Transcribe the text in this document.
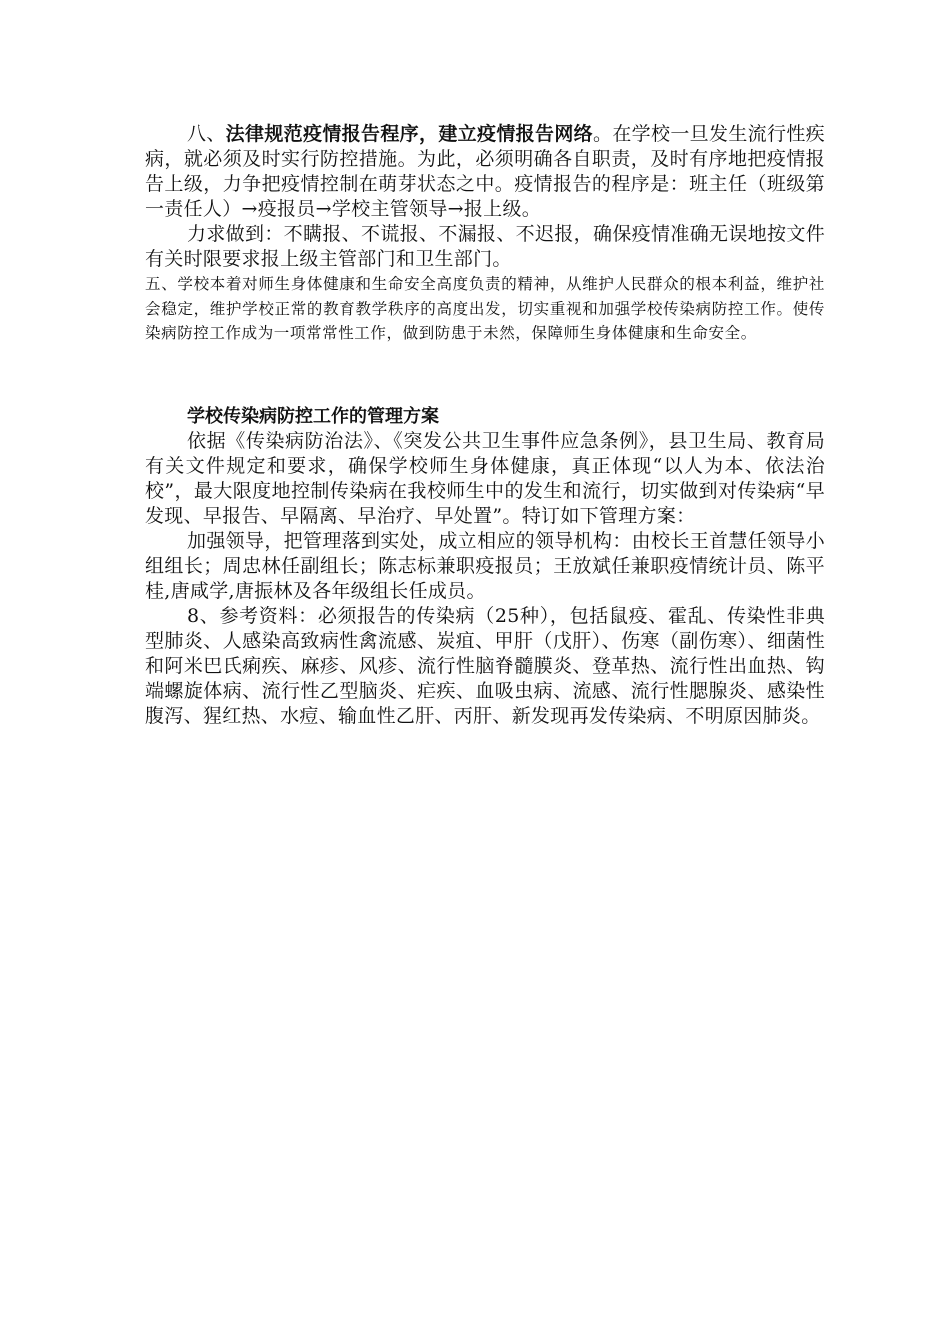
八、法律规范疫情报告程序，建立疫情报告网络。在学校一旦发生流行性疾病，就必须及时实行防控措施。为此，必须明确各自职责，及时有序地把疫情报告上级，力争把疫情控制在萌芽状态之中。疫情报告的程序是：班主任（班级第一责任人）→疫报员→学校主管领导→报上级。

力求做到：不瞒报、不谎报、不漏报、不迟报，确保疫情准确无误地按文件有关时限要求报上级主管部门和卫生部门。

五、学校本着对师生身体健康和生命安全高度负责的精神，从维护人民群众的根本利益，维护社会稳定，维护学校正常的教育教学秩序的高度出发，切实重视和加强学校传染病防控工作。使传染病防控工作成为一项常常性工作，做到防患于未然，保障师生身体健康和生命安全。

学校传染病防控工作的管理方案

依据《传染病防治法》、《突发公共卫生事件应急条例》，县卫生局、教育局有关文件规定和要求，确保学校师生身体健康，真正体现“以人为本、依法治校”，最大限度地控制传染病在我校师生中的发生和流行，切实做到对传染病“早发现、早报告、早隔离、早治疗、早处置”。特订如下管理方案：

加强领导，把管理落到实处，成立相应的领导机构：由校长王首慧任领导小组组长；周忠林任副组长；陈志标兼职疫报员；王放斌任兼职疫情统计员、陈平桂,唐咸学,唐振林及各年级组长任成员。

8、参考资料：必须报告的传染病（25种），包括鼠疫、霍乱、传染性非典型肺炎、人感染高致病性禽流感、炭疽、甲肝（戊肝）、伤寒（副伤寒）、细菌性和阿米巴氏痢疾、麻疹、风疹、流行性脑脊髓膜炎、登革热、流行性出血热、钩端螺旋体病、流行性乙型脑炎、疟疾、血吸虫病、流感、流行性腮腺炎、感染性腹泻、猩红热、水痘、输血性乙肝、丙肝、新发现再发传染病、不明原因肺炎。
